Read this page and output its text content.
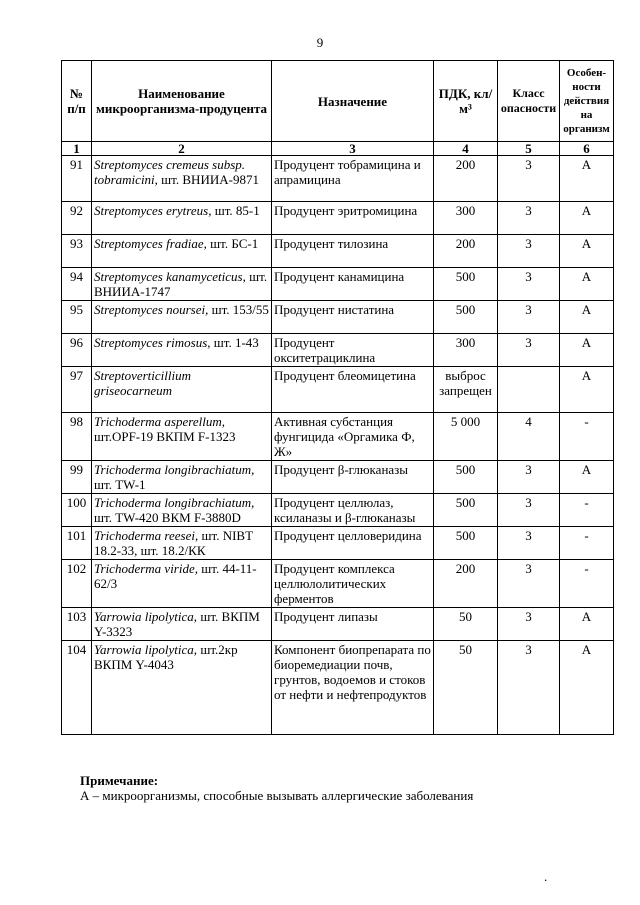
9
№ п/п	Наименование микроорганизма-продуцента	Назначение	ПДК, кл/м³	Класс опасности	Особен-ности действия на организм
1	2	3	4	5	6
91	Streptomyces cremeus subsp. tobramicini, шт. ВНИИА-9871	Продуцент тобрамицина и апрамицина	200	3	А
92	Streptomyces erytreus, шт. 85-1	Продуцент эритромицина	300	3	А
93	Streptomyces fradiae, шт. БС-1	Продуцент тилозина	200	3	А
94	Streptomyces kanamyceticus, шт. ВНИИА-1747	Продуцент канамицина	500	3	А
95	Streptomyces noursei, шт. 153/55	Продуцент нистатина	500	3	А
96	Streptomyces rimosus, шт. 1-43	Продуцент окситетрациклина	300	3	А
97	Streptoverticillium griseocarneum	Продуцент блеомицетина	выброс запрещен		А
98	Trichoderma asperellum, шт.OPF-19 ВКПМ F-1323	Активная субстанция фунгицида «Оргамика Ф, Ж»	5 000	4	-
99	Trichoderma longibrachiatum, шт. TW-1	Продуцент β-глюканазы	500	3	А
100	Trichoderma longibrachiatum, шт. TW-420 ВКМ F-3880D	Продуцент целлюлаз, ксиланазы и β-глюканазы	500	3	-
101	Trichoderma reesei, шт. NIBT 18.2-33, шт. 18.2/КК	Продуцент целловеридина	500	3	-
102	Trichoderma viride, шт. 44-11-62/3	Продуцент комплекса целлюлолитических ферментов	200	3	-
103	Yarrowia lipolytica, шт. ВКПМ Y-3323	Продуцент липазы	50	3	А
104	Yarrowia lipolytica, шт.2кр ВКПМ Y-4043	Компонент биопрепарата по биоремедиации почв, грунтов, водоемов и стоков от нефти и нефтепродуктов	50	3	А
Примечание:
А – микроорганизмы, способные вызывать аллергические заболевания
.
